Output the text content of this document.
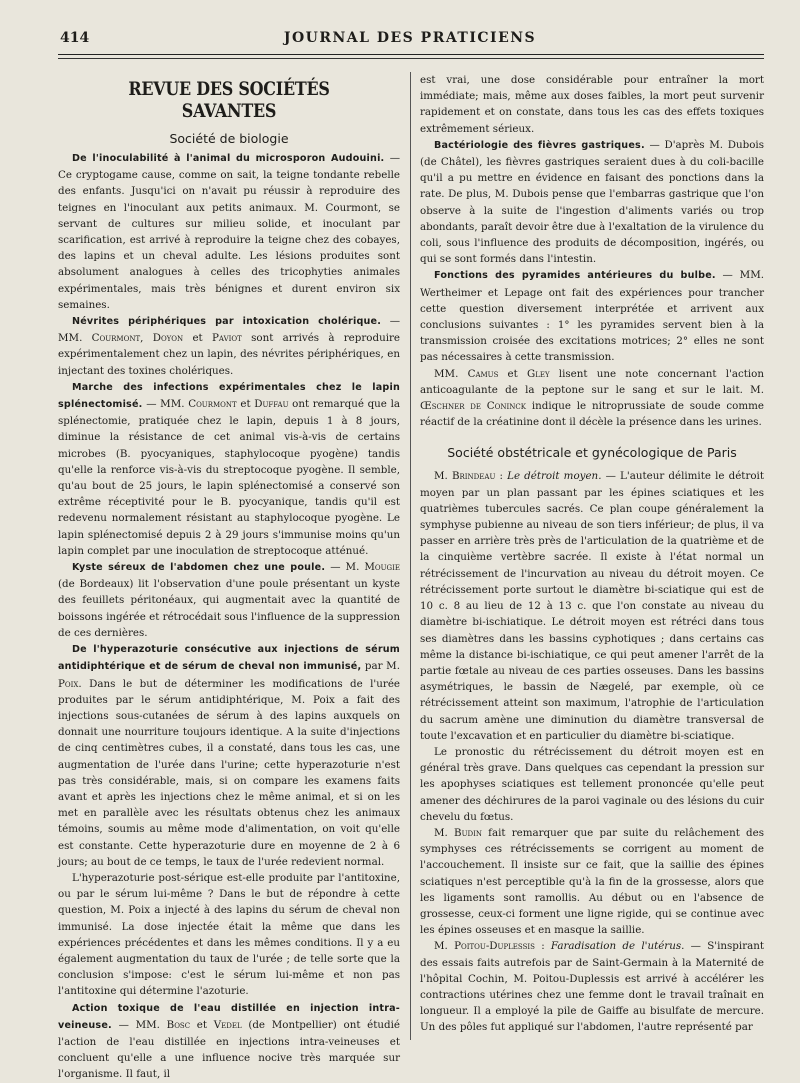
414	JOURNAL DES PRATICIENS
REVUE DES SOCIÉTÉS SAVANTES
Société de biologie

De l'inoculabilité à l'animal du microsporon Audouini. — Ce cryptogame cause, comme on sait, la teigne tondante rebelle des enfants. Jusqu'ici on n'avait pu réussir à reproduire des teignes en l'inoculant aux petits animaux. M. Courmont, se servant de cultures sur milieu solide, et inoculant par scarification, est arrivé à reproduire la teigne chez des cobayes, des lapins et un cheval adulte. Les lésions produites sont absolument analogues à celles des tricophyties animales expérimentales, mais très bénignes et durent environ six semaines.

Névrites périphériques par intoxication cholérique. — MM. Courmont, Doyon et Paviot sont arrivés à reproduire expérimentalement chez un lapin, des névrites périphériques, en injectant des toxines cholériques.

Marche des infections expérimentales chez le lapin splénectomisé. — MM. Courmont et Duffau ont remarqué que la splénectomie, pratiquée chez le lapin, depuis 1 à 8 jours, diminue la résistance de cet animal vis-à-vis de certains microbes (B. pyocyaniques, staphylocoque pyogène) tandis qu'elle la renforce vis-à-vis du streptocoque pyogène. Il semble, qu'au bout de 25 jours, le lapin splénectomisé a conservé son extrême réceptivité pour le B. pyocyanique, tandis qu'il est redevenu normalement résistant au staphylocoque pyogène. Le lapin splénectomisé depuis 2 à 29 jours s'immunise moins qu'un lapin complet par une inoculation de streptocoque atténué.

Kyste séreux de l'abdomen chez une poule. — M. Mougie (de Bordeaux) lit l'observation d'une poule présentant un kyste des feuillets péritonéaux, qui augmentait avec la quantité de boissons ingérée et rétrocédait sous l'influence de la suppression de ces dernières.

De l'hyperazoturie consécutive aux injections de sérum antidiphtérique et de sérum de cheval non immunisé, par M. Poix. Dans le but de déterminer les modifications de l'urée produites par le sérum antidiphtérique, M. Poix a fait des injections sous-cutanées de sérum à des lapins auxquels on donnait une nourriture toujours identique. A la suite d'injections de cinq centimètres cubes, il a constaté, dans tous les cas, une augmentation de l'urée dans l'urine; cette hyperazoturie n'est pas très considérable, mais, si on compare les examens faits avant et après les injections chez le même animal, et si on les met en parallèle avec les résultats obtenus chez les animaux témoins, soumis au même mode d'alimentation, on voit qu'elle est constante. Cette hyperazoturie dure en moyenne de 2 à 6 jours; au bout de ce temps, le taux de l'urée redevient normal.

L'hyperazoturie post-sérique est-elle produite par l'antitoxine, ou par le sérum lui-même ? Dans le but de répondre à cette question, M. Poix a injecté à des lapins du sérum de cheval non immunisé. La dose injectée était la même que dans les expériences précédentes et dans les mêmes conditions. Il y a eu également augmentation du taux de l'urée ; de telle sorte que la conclusion s'impose: c'est le sérum lui-même et non pas l'antitoxine qui détermine l'azoturie.

Action toxique de l'eau distillée en injection intra-veineuse. — MM. Bosc et Vedel (de Montpellier) ont étudié l'action de l'eau distillée en injections intra-veineuses et concluent qu'elle a une influence nocive très marquée sur l'organisme. Il faut, il

est vrai, une dose considérable pour entraîner la mort immédiate; mais, même aux doses faibles, la mort peut survenir rapidement et on constate, dans tous les cas des effets toxiques extrêmement sérieux.

Bactériologie des fièvres gastriques. — D'après M. Dubois (de Châtel), les fièvres gastriques seraient dues à du coli-bacille qu'il a pu mettre en évidence en faisant des ponctions dans la rate. De plus, M. Dubois pense que l'embarras gastrique que l'on observe à la suite de l'ingestion d'aliments variés ou trop abondants, paraît devoir être due à l'exaltation de la virulence du coli, sous l'influence des produits de décomposition, ingérés, ou qui se sont formés dans l'intestin.

Fonctions des pyramides antérieures du bulbe. — MM. Wertheimer et Lepage ont fait des expériences pour trancher cette question diversement interprétée et arrivent aux conclusions suivantes : 1° les pyramides servent bien à la transmission croisée des excitations motrices; 2° elles ne sont pas nécessaires à cette transmission.

MM. Camus et Gley lisent une note concernant l'action anticoagulante de la peptone sur le sang et sur le lait. M. Œschner de Coninck indique le nitroprussiate de soude comme réactif de la créatinine dont il décèle la présence dans les urines.

Société obstétricale et gynécologique de Paris

M. Brindeau : Le détroit moyen. — L'auteur délimite le détroit moyen par un plan passant par les épines sciatiques et les quatrièmes tubercules sacrés. Ce plan coupe généralement la symphyse pubienne au niveau de son tiers inférieur; de plus, il va passer en arrière très près de l'articulation de la quatrième et de la cinquième vertèbre sacrée. Il existe à l'état normal un rétrécissement de l'incurvation au niveau du détroit moyen. Ce rétrécissement porte surtout le diamètre bi-sciatique qui est de 10 c. 8 au lieu de 12 à 13 c. que l'on constate au niveau du diamètre bi-ischiatique. Le détroit moyen est rétréci dans tous ses diamètres dans les bassins cyphotiques ; dans certains cas même la distance bi-ischiatique, ce qui peut amener l'arrêt de la partie fœtale au niveau de ces parties osseuses. Dans les bassins asymétriques, le bassin de Nægelé, par exemple, où ce rétrécissement atteint son maximum, l'atrophie de l'articulation du sacrum amène une diminution du diamètre transversal de toute l'excavation et en particulier du diamètre bi-sciatique.

Le pronostic du rétrécissement du détroit moyen est en général très grave. Dans quelques cas cependant la pression sur les apophyses sciatiques est tellement prononcée qu'elle peut amener des déchirures de la paroi vaginale ou des lésions du cuir chevelu du fœtus.

M. Budin fait remarquer que par suite du relâchement des symphyses ces rétrécissements se corrigent au moment de l'accouchement. Il insiste sur ce fait, que la saillie des épines sciatiques n'est perceptible qu'à la fin de la grossesse, alors que les ligaments sont ramollis. Au début ou en l'absence de grossesse, ceux-ci forment une ligne rigide, qui se continue avec les épines osseuses et en masque la saillie.

M. Poitou-Duplessis : Faradisation de l'utérus. — S'inspirant des essais faits autrefois par de Saint-Germain à la Maternité de l'hôpital Cochin, M. Poitou-Duplessis est arrivé à accélérer les contractions utérines chez une femme dont le travail traînait en longueur. Il a employé la pile de Gaiffe au bisulfate de mercure. Un des pôles fut appliqué sur l'abdomen, l'autre représenté par
